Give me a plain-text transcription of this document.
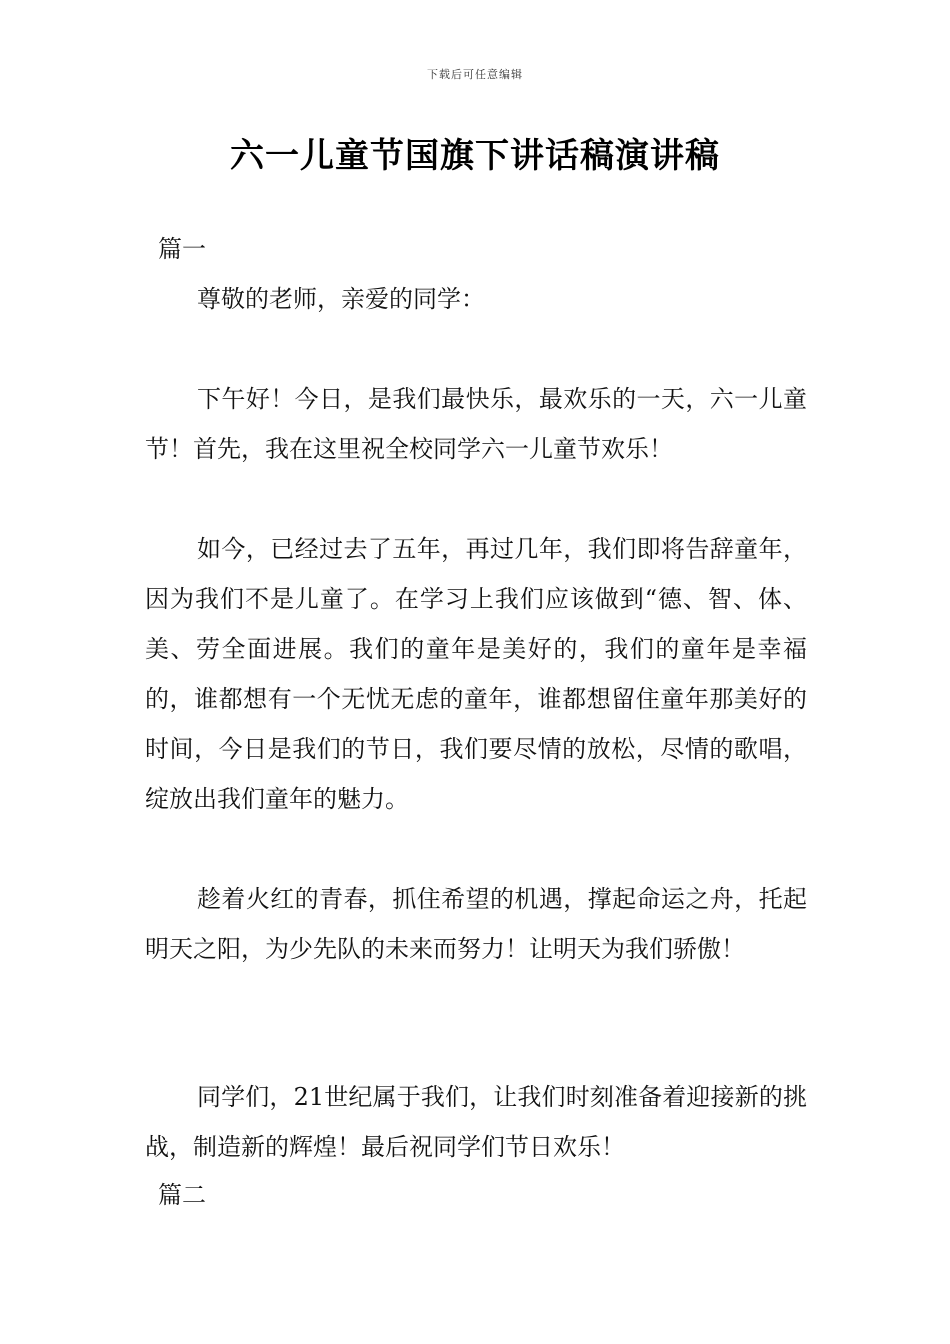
下载后可任意编辑
六一儿童节国旗下讲话稿演讲稿
篇一
尊敬的老师，亲爱的同学：

下午好！今日，是我们最快乐，最欢乐的一天，六一儿童节！首先，我在这里祝全校同学六一儿童节欢乐！

如今，已经过去了五年，再过几年，我们即将告辞童年，因为我们不是儿童了。在学习上我们应该做到“德、智、体、美、劳全面进展。我们的童年是美好的，我们的童年是幸福的，谁都想有一个无忧无虑的童年，谁都想留住童年那美好的时间，今日是我们的节日，我们要尽情的放松，尽情的歌唱，绽放出我们童年的魅力。

趁着火红的青春，抓住希望的机遇，撑起命运之舟，托起明天之阳，为少先队的未来而努力！让明天为我们骄傲！

同学们，21世纪属于我们，让我们时刻准备着迎接新的挑战，制造新的辉煌！最后祝同学们节日欢乐！

篇二
